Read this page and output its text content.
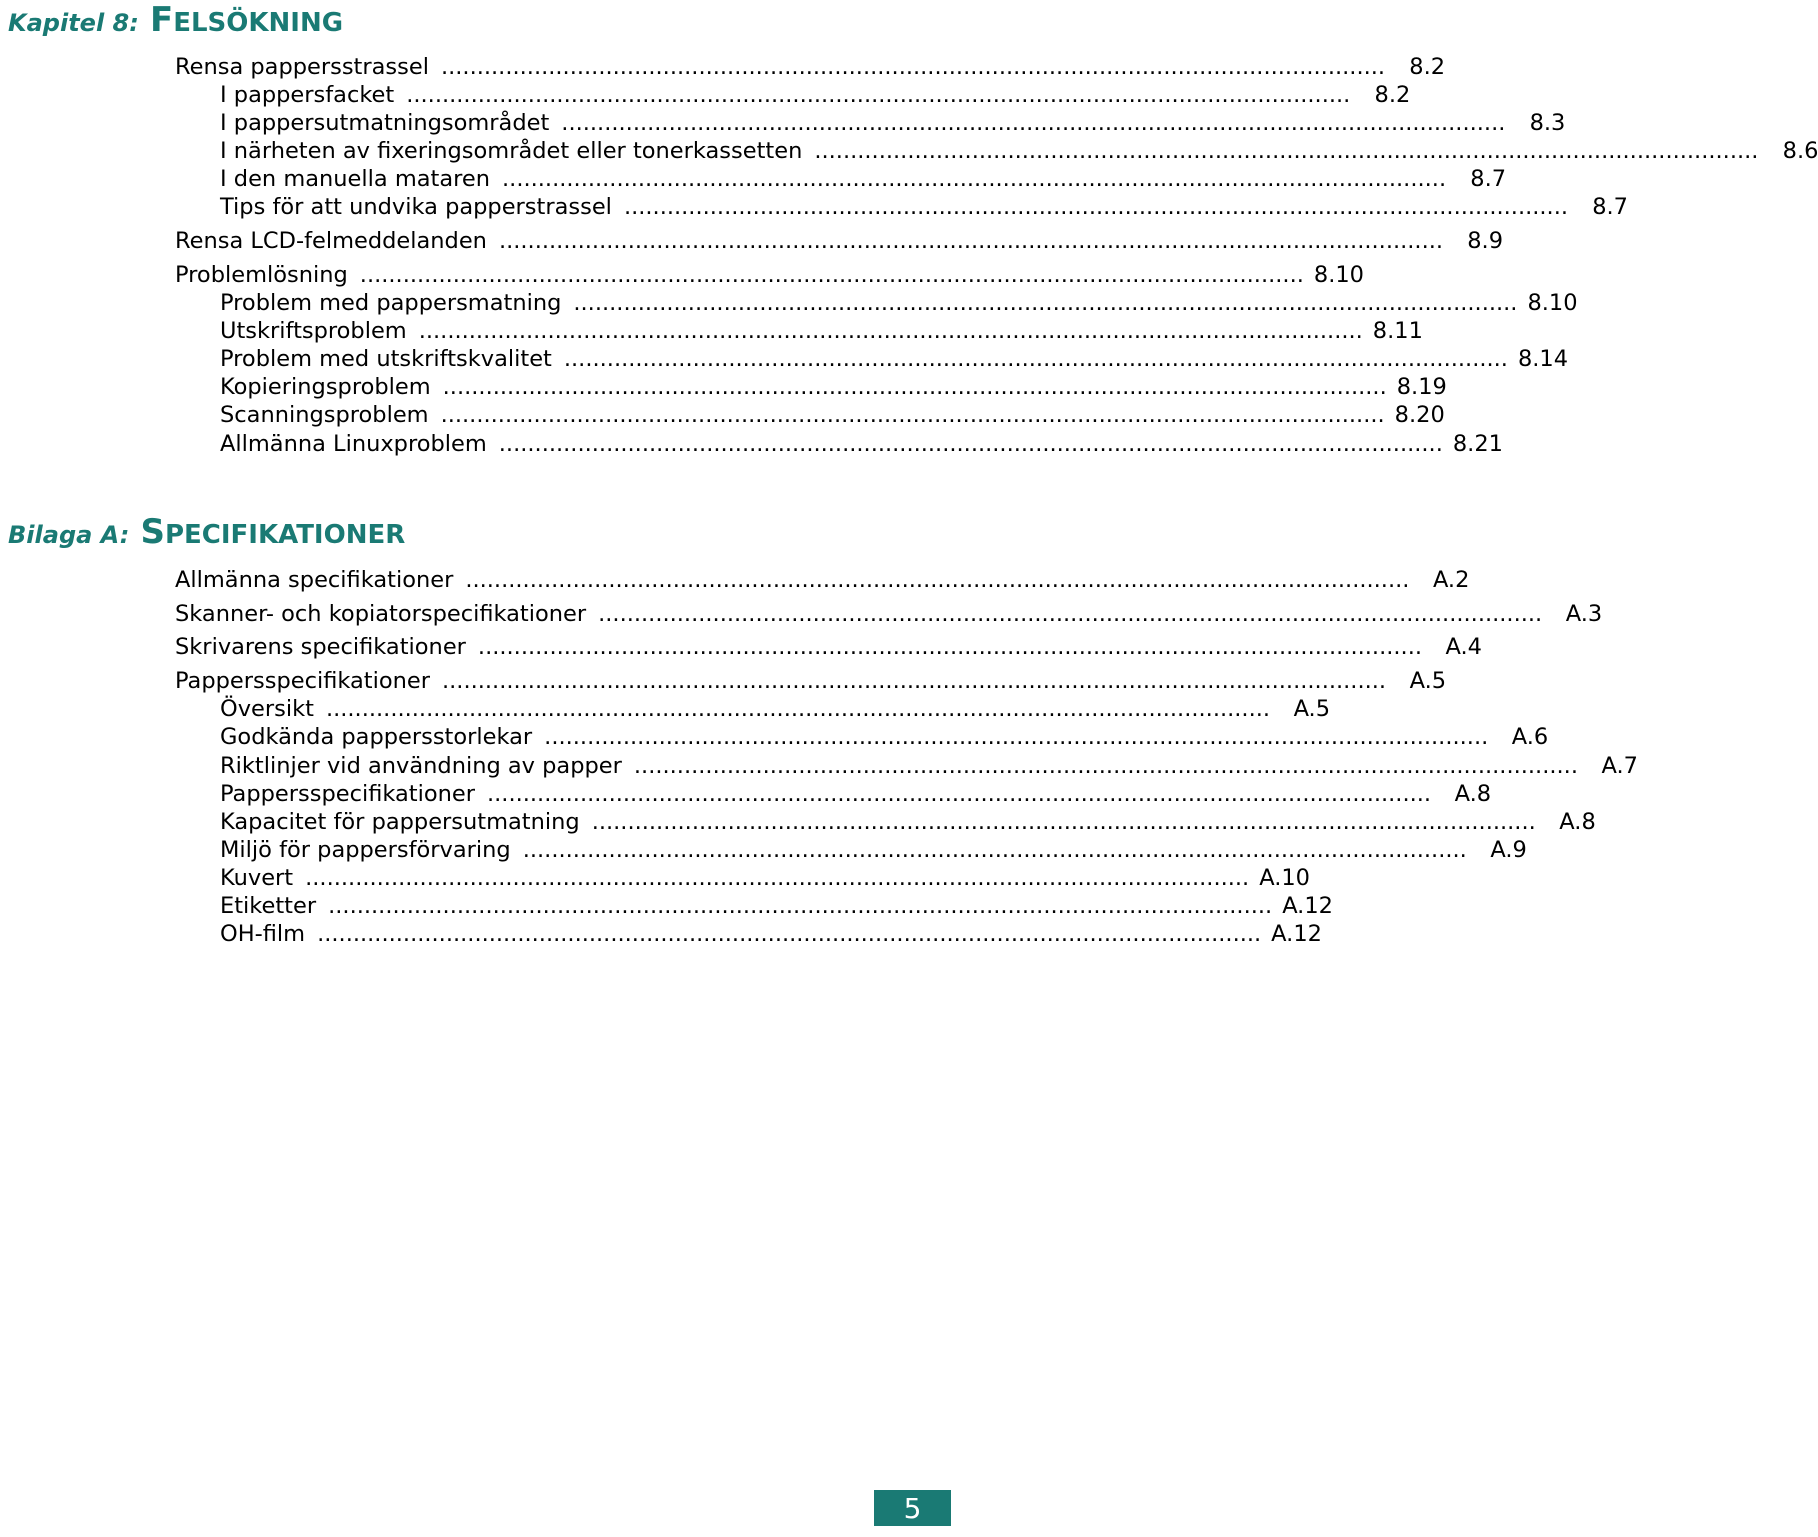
Kapitel 8: FELSÖKNING
Rensa pappersstrassel ....................................................................................................................................	8.2
I pappersfacket ....................................................................................................................................	8.2
I pappersutmatningsområdet ....................................................................................................................................	8.3
I närheten av fixeringsområdet eller tonerkassetten ....................................................................................................................................	8.6
I den manuella mataren ....................................................................................................................................	8.7
Tips för att undvika papperstrassel ....................................................................................................................................	8.7
Rensa LCD-felmeddelanden ....................................................................................................................................	8.9
Problemlösning .................................................................................................................................... 8.10
Problem med pappersmatning .................................................................................................................................... 8.10
Utskriftsproblem .................................................................................................................................... 8.11
Problem med utskriftskvalitet .................................................................................................................................... 8.14
Kopieringsproblem .................................................................................................................................... 8.19
Scanningsproblem .................................................................................................................................... 8.20
Allmänna Linuxproblem .................................................................................................................................... 8.21
Bilaga A: SPECIFIKATIONER
Allmänna specifikationer ....................................................................................................................................	A.2
Skanner- och kopiatorspecifikationer ....................................................................................................................................	A.3
Skrivarens specifikationer ....................................................................................................................................	A.4
Pappersspecifikationer ....................................................................................................................................	A.5
Översikt ....................................................................................................................................	A.5
Godkända pappersstorlekar ....................................................................................................................................	A.6
Riktlinjer vid användning av papper ....................................................................................................................................	A.7
Pappersspecifikationer ....................................................................................................................................	A.8
Kapacitet för pappersutmatning ....................................................................................................................................	A.8
Miljö för pappersförvaring ....................................................................................................................................	A.9
Kuvert .................................................................................................................................... A.10
Etiketter .................................................................................................................................... A.12
OH-film .................................................................................................................................... A.12
5
